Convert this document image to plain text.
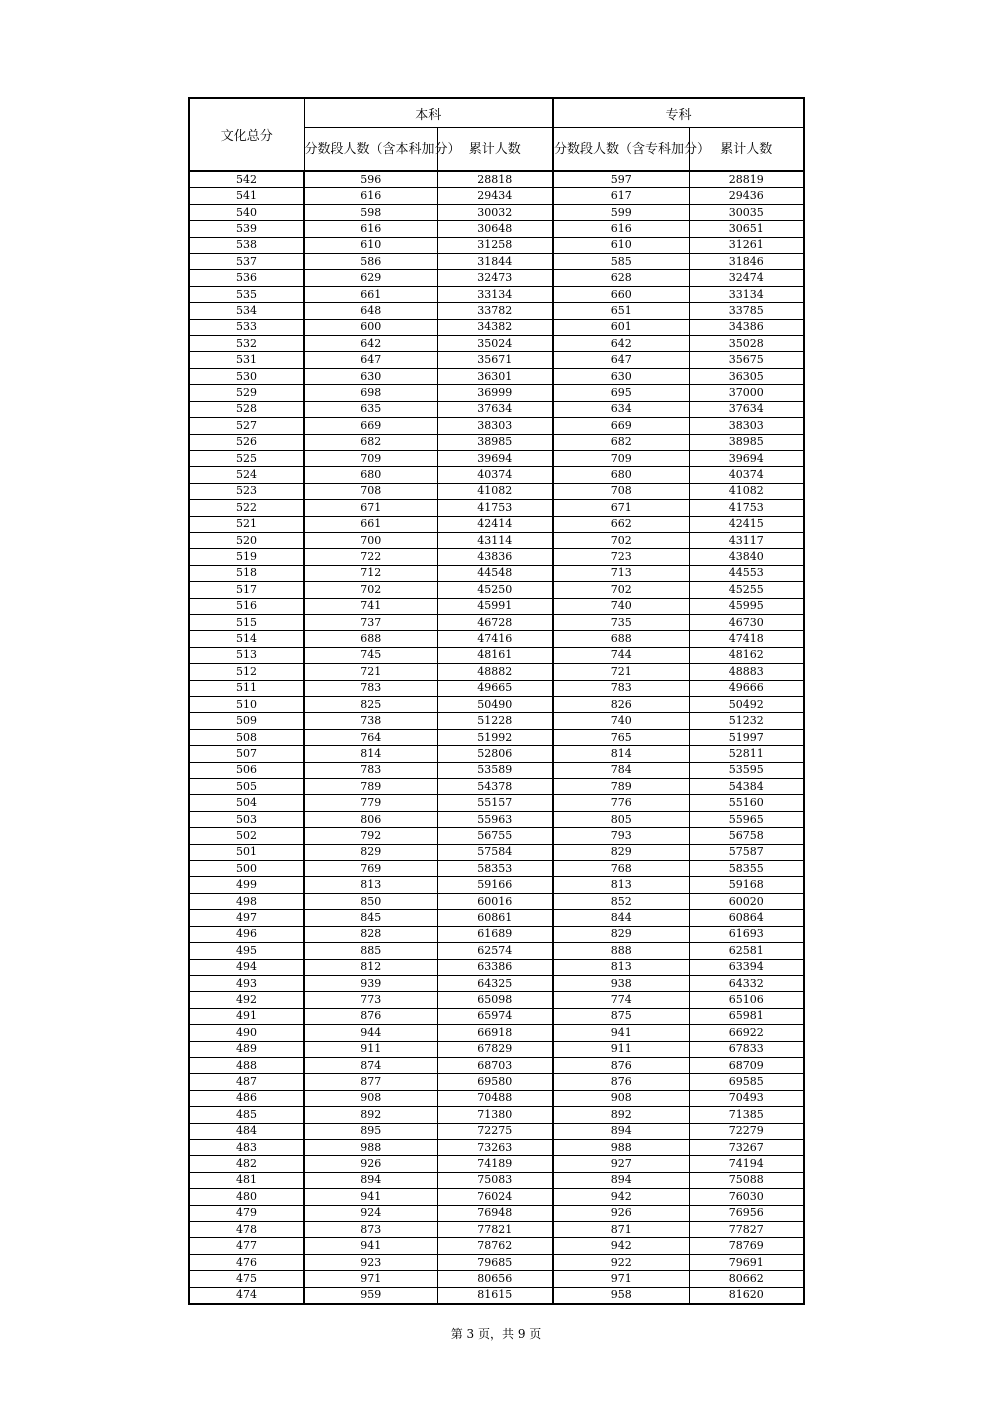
文化总分	本科		专科	
	分数段人数（含本科加分）	累计人数	分数段人数（含专科加分）	累计人数
542	596	28818	597	28819
541	616	29434	617	29436
540	598	30032	599	30035
539	616	30648	616	30651
538	610	31258	610	31261
537	586	31844	585	31846
536	629	32473	628	32474
535	661	33134	660	33134
534	648	33782	651	33785
533	600	34382	601	34386
532	642	35024	642	35028
531	647	35671	647	35675
530	630	36301	630	36305
529	698	36999	695	37000
528	635	37634	634	37634
527	669	38303	669	38303
526	682	38985	682	38985
525	709	39694	709	39694
524	680	40374	680	40374
523	708	41082	708	41082
522	671	41753	671	41753
521	661	42414	662	42415
520	700	43114	702	43117
519	722	43836	723	43840
518	712	44548	713	44553
517	702	45250	702	45255
516	741	45991	740	45995
515	737	46728	735	46730
514	688	47416	688	47418
513	745	48161	744	48162
512	721	48882	721	48883
511	783	49665	783	49666
510	825	50490	826	50492
509	738	51228	740	51232
508	764	51992	765	51997
507	814	52806	814	52811
506	783	53589	784	53595
505	789	54378	789	54384
504	779	55157	776	55160
503	806	55963	805	55965
502	792	56755	793	56758
501	829	57584	829	57587
500	769	58353	768	58355
499	813	59166	813	59168
498	850	60016	852	60020
497	845	60861	844	60864
496	828	61689	829	61693
495	885	62574	888	62581
494	812	63386	813	63394
493	939	64325	938	64332
492	773	65098	774	65106
491	876	65974	875	65981
490	944	66918	941	66922
489	911	67829	911	67833
488	874	68703	876	68709
487	877	69580	876	69585
486	908	70488	908	70493
485	892	71380	892	71385
484	895	72275	894	72279
483	988	73263	988	73267
482	926	74189	927	74194
481	894	75083	894	75088
480	941	76024	942	76030
479	924	76948	926	76956
478	873	77821	871	77827
477	941	78762	942	78769
476	923	79685	922	79691
475	971	80656	971	80662
474	959	81615	958	81620
第 3 页，共 9 页
